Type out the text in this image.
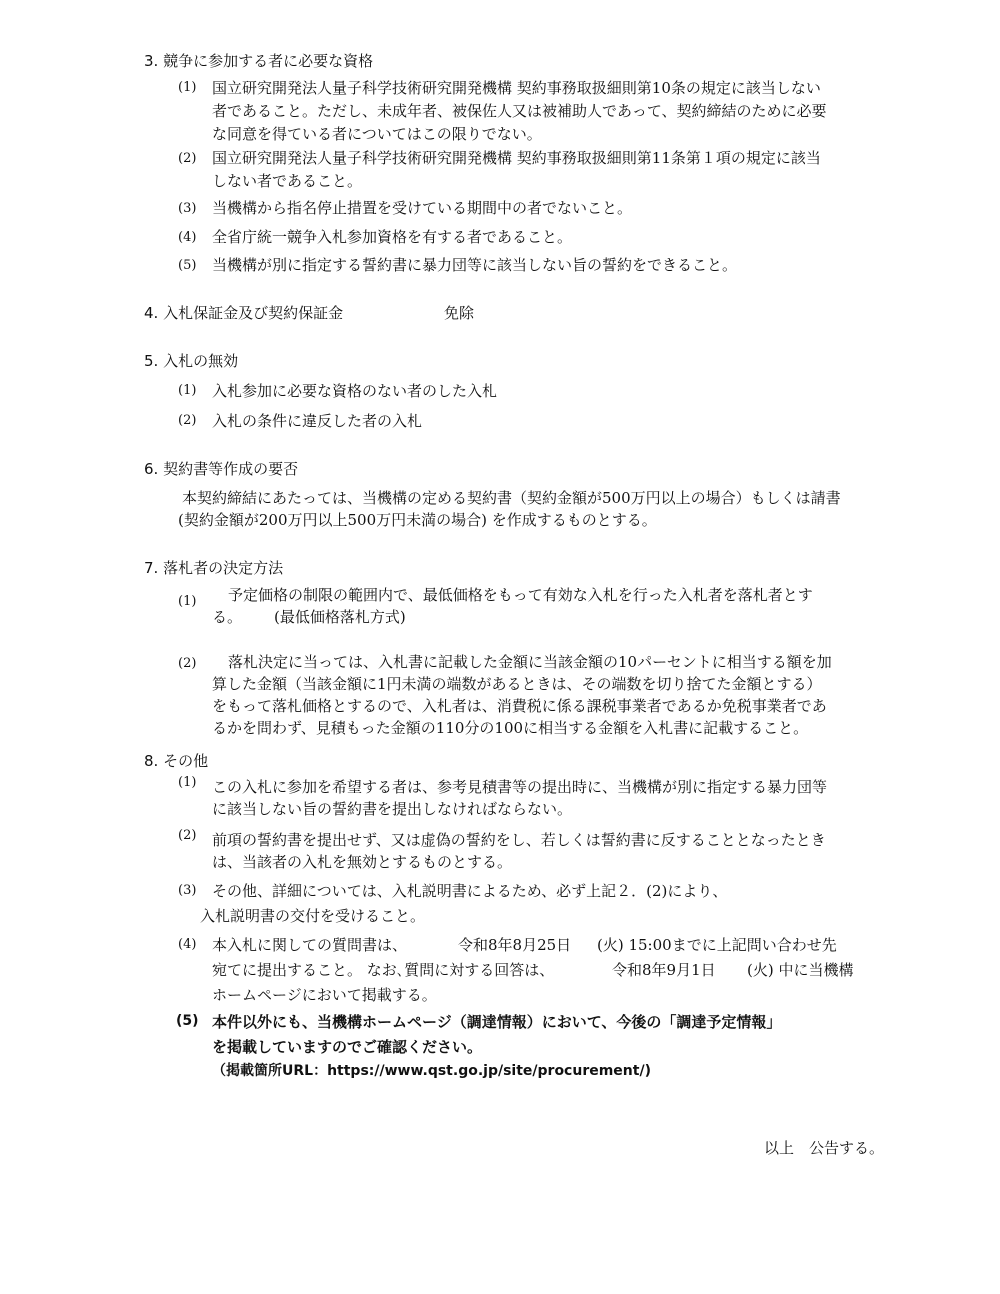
3. 競争に参加する者に必要な資格
(1) 国立研究開発法人量子科学技術研究開発機構 契約事務取扱細則第10条の規定に該当しない
者であること。ただし、未成年者、被保佐人又は被補助人であって、契約締結のために必要
な同意を得ている者についてはこの限りでない。
(2) 国立研究開発法人量子科学技術研究開発機構 契約事務取扱細則第11条第１項の規定に該当
しない者であること。
(3) 当機構から指名停止措置を受けている期間中の者でないこと。
(4) 全省庁統一競争入札参加資格を有する者であること。
(5) 当機構が別に指定する誓約書に暴力団等に該当しない旨の誓約をできること。
4. 入札保証金及び契約保証金	免除
5. 入札の無効
(1) 入札参加に必要な資格のない者のした入札
(2) 入札の条件に違反した者の入札
6. 契約書等作成の要否
本契約締結にあたっては、当機構の定める契約書（契約金額が500万円以上の場合）もしくは請書
(契約金額が200万円以上500万円未満の場合) を作成するものとする。
7. 落札者の決定方法
(1)	予定価格の制限の範囲内で、最低価格をもって有効な入札を行った入札者を落札者とす
る。 (最低価格落札方式)
(2)	落札決定に当っては、入札書に記載した金額に当該金額の10パーセントに相当する額を加
算した金額（当該金額に1円未満の端数があるときは、その端数を切り捨てた金額とする）
をもって落札価格とするので、入札者は、消費税に係る課税事業者であるか免税事業者であ
るかを問わず、見積もった金額の110分の100に相当する金額を入札書に記載すること。
8. その他
(1) この入札に参加を希望する者は、参考見積書等の提出時に、当機構が別に指定する暴力団等
に該当しない旨の誓約書を提出しなければならない。
(2) 前項の誓約書を提出せず、又は虚偽の誓約をし、若しくは誓約書に反することとなったとき
は、当該者の入札を無効とするものとする。
(3) その他、詳細については、入札説明書によるため、必ず上記２．(2)により、
入札説明書の交付を受けること。
(4) 本入札に関しての質問書は、	令和8年8月25日 (火) 15:00までに上記問い合わせ先
宛てに提出すること。 なお､質問に対する回答は、	令和8年9月1日 (火) 中に当機構
ホームページにおいて掲載する。
(5) 本件以外にも、当機構ホームページ（調達情報）において、今後の「調達予定情報」
を掲載していますのでご確認ください。
（掲載箇所URL：https://www.qst.go.jp/site/procurement/)
以上　公告する。
